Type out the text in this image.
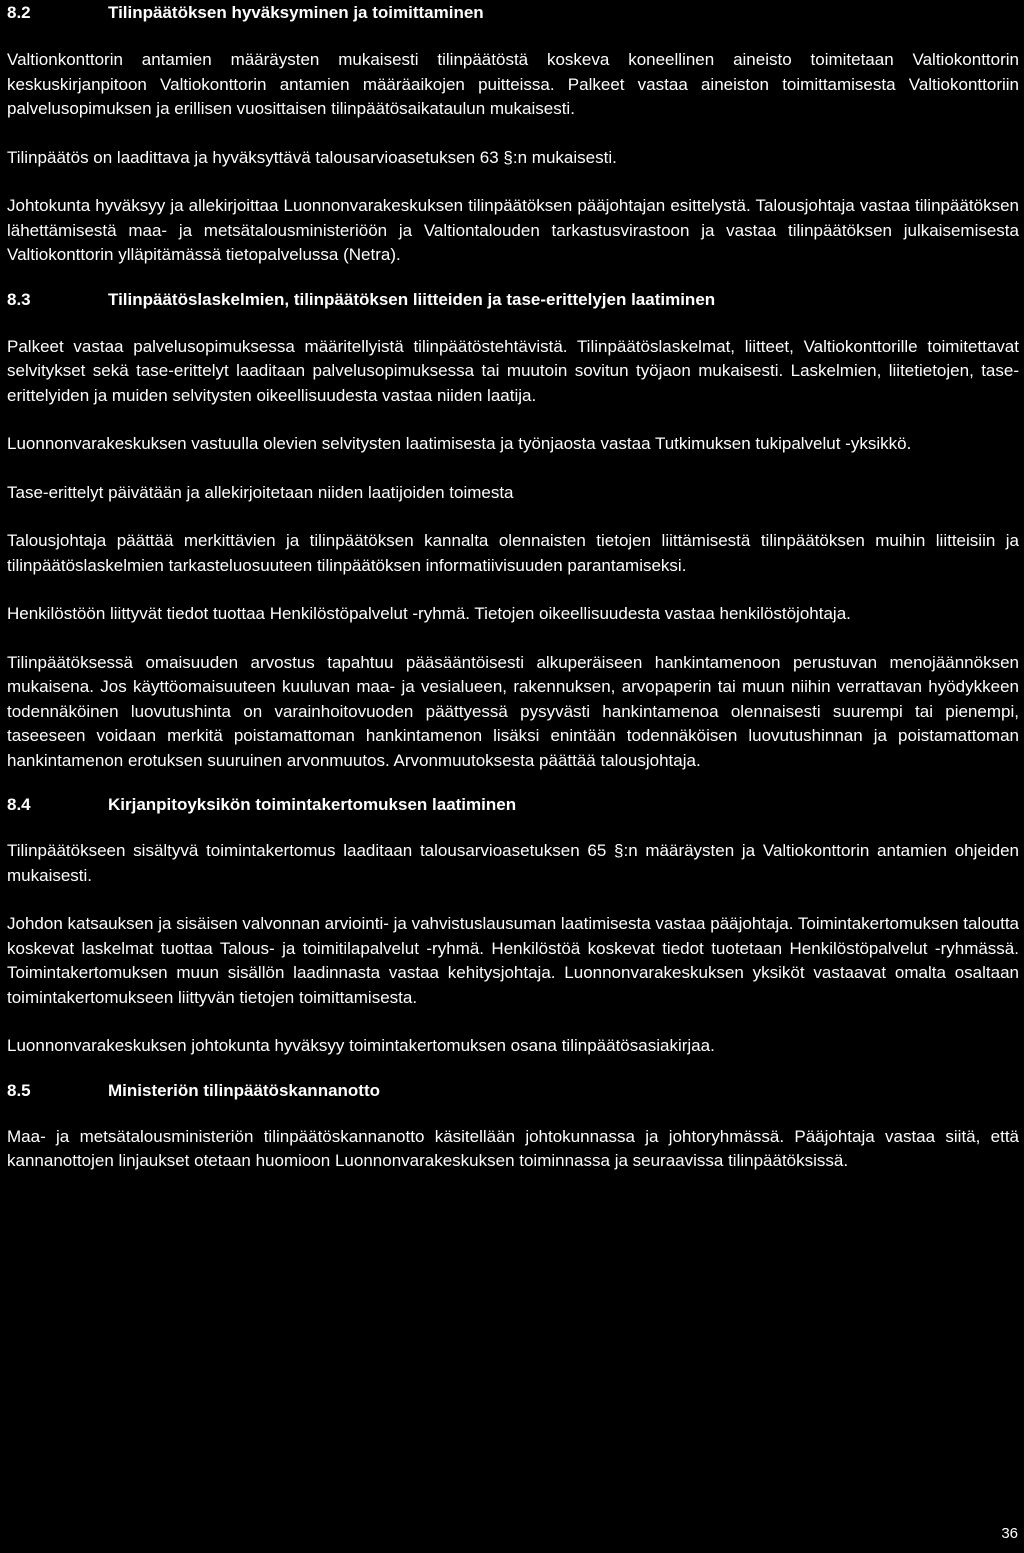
8.2	Tilinpäätöksen hyväksyminen ja toimittaminen

Valtionkonttorin antamien määräysten mukaisesti tilinpäätöstä koskeva koneellinen aineisto toimitetaan Valtiokonttorin keskuskirjanpitoon Valtiokonttorin antamien määräaikojen puitteissa. Palkeet vastaa aineiston toimittamisesta Valtiokonttoriin palvelusopimuksen ja erillisen vuosittaisen tilinpäätösaikataulun mukaisesti.

Tilinpäätös on laadittava ja hyväksyttävä talousarvioasetuksen 63 §:n mukaisesti.

Johtokunta hyväksyy ja allekirjoittaa Luonnonvarakeskuksen tilinpäätöksen pääjohtajan esittelystä. Talousjohtaja vastaa tilinpäätöksen lähettämisestä maa- ja metsätalousministeriöön ja Valtiontalouden tarkastusvirastoon ja vastaa tilinpäätöksen julkaisemisesta Valtiokonttorin ylläpitämässä tietopalvelussa (Netra).

8.3	Tilinpäätöslaskelmien, tilinpäätöksen liitteiden ja tase-erittelyjen laatiminen

Palkeet vastaa palvelusopimuksessa määritellyistä tilinpäätöstehtävistä. Tilinpäätöslaskelmat, liitteet, Valtiokonttorille toimitettavat selvitykset sekä tase-erittelyt laaditaan palvelusopimuksessa tai muutoin sovitun työjaon mukaisesti. Laskelmien, liitetietojen, tase-erittelyiden ja muiden selvitysten oikeellisuudesta vastaa niiden laatija.

Luonnonvarakeskuksen vastuulla olevien selvitysten laatimisesta ja työnjaosta vastaa Tutkimuksen tukipalvelut -yksikkö.

Tase-erittelyt päivätään ja allekirjoitetaan niiden laatijoiden toimesta

Talousjohtaja päättää merkittävien ja tilinpäätöksen kannalta olennaisten tietojen liittämisestä tilinpäätöksen muihin liitteisiin ja tilinpäätöslaskelmien tarkasteluosuuteen tilinpäätöksen informatiivisuuden parantamiseksi.

Henkilöstöön liittyvät tiedot tuottaa Henkilöstöpalvelut -ryhmä. Tietojen oikeellisuudesta vastaa henkilöstöjohtaja.

Tilinpäätöksessä omaisuuden arvostus tapahtuu pääsääntöisesti alkuperäiseen hankintamenoon perustuvan menojäännöksen mukaisena. Jos käyttöomaisuuteen kuuluvan maa- ja vesialueen, rakennuksen, arvopaperin tai muun niihin verrattavan hyödykkeen todennäköinen luovutushinta on varainhoitovuoden päättyessä pysyvästi hankintamenoa olennaisesti suurempi tai pienempi, taseeseen voidaan merkitä poistamattoman hankintamenon lisäksi enintään todennäköisen luovutushinnan ja poistamattoman hankintamenon erotuksen suuruinen arvonmuutos. Arvonmuutoksesta päättää talousjohtaja.

8.4	Kirjanpitoyksikön toimintakertomuksen laatiminen

Tilinpäätökseen sisältyvä toimintakertomus laaditaan talousarvioasetuksen 65 §:n määräysten ja Valtiokonttorin antamien ohjeiden mukaisesti.

Johdon katsauksen ja sisäisen valvonnan arviointi- ja vahvistuslausuman laatimisesta vastaa pääjohtaja. Toimintakertomuksen taloutta koskevat laskelmat tuottaa Talous- ja toimitilapalvelut -ryhmä. Henkilöstöä koskevat tiedot tuotetaan Henkilöstöpalvelut -ryhmässä. Toimintakertomuksen muun sisällön laadinnasta vastaa kehitysjohtaja. Luonnonvarakeskuksen yksiköt vastaavat omalta osaltaan toimintakertomukseen liittyvän tietojen toimittamisesta.

Luonnonvarakeskuksen johtokunta hyväksyy toimintakertomuksen osana tilinpäätösasiakirjaa.

8.5	Ministeriön tilinpäätöskannanotto

Maa- ja metsätalousministeriön tilinpäätöskannanotto käsitellään johtokunnassa ja johtoryhmässä. Pääjohtaja vastaa siitä, että kannanottojen linjaukset otetaan huomioon Luonnonvarakeskuksen toiminnassa ja seuraavissa tilinpäätöksissä.

36
